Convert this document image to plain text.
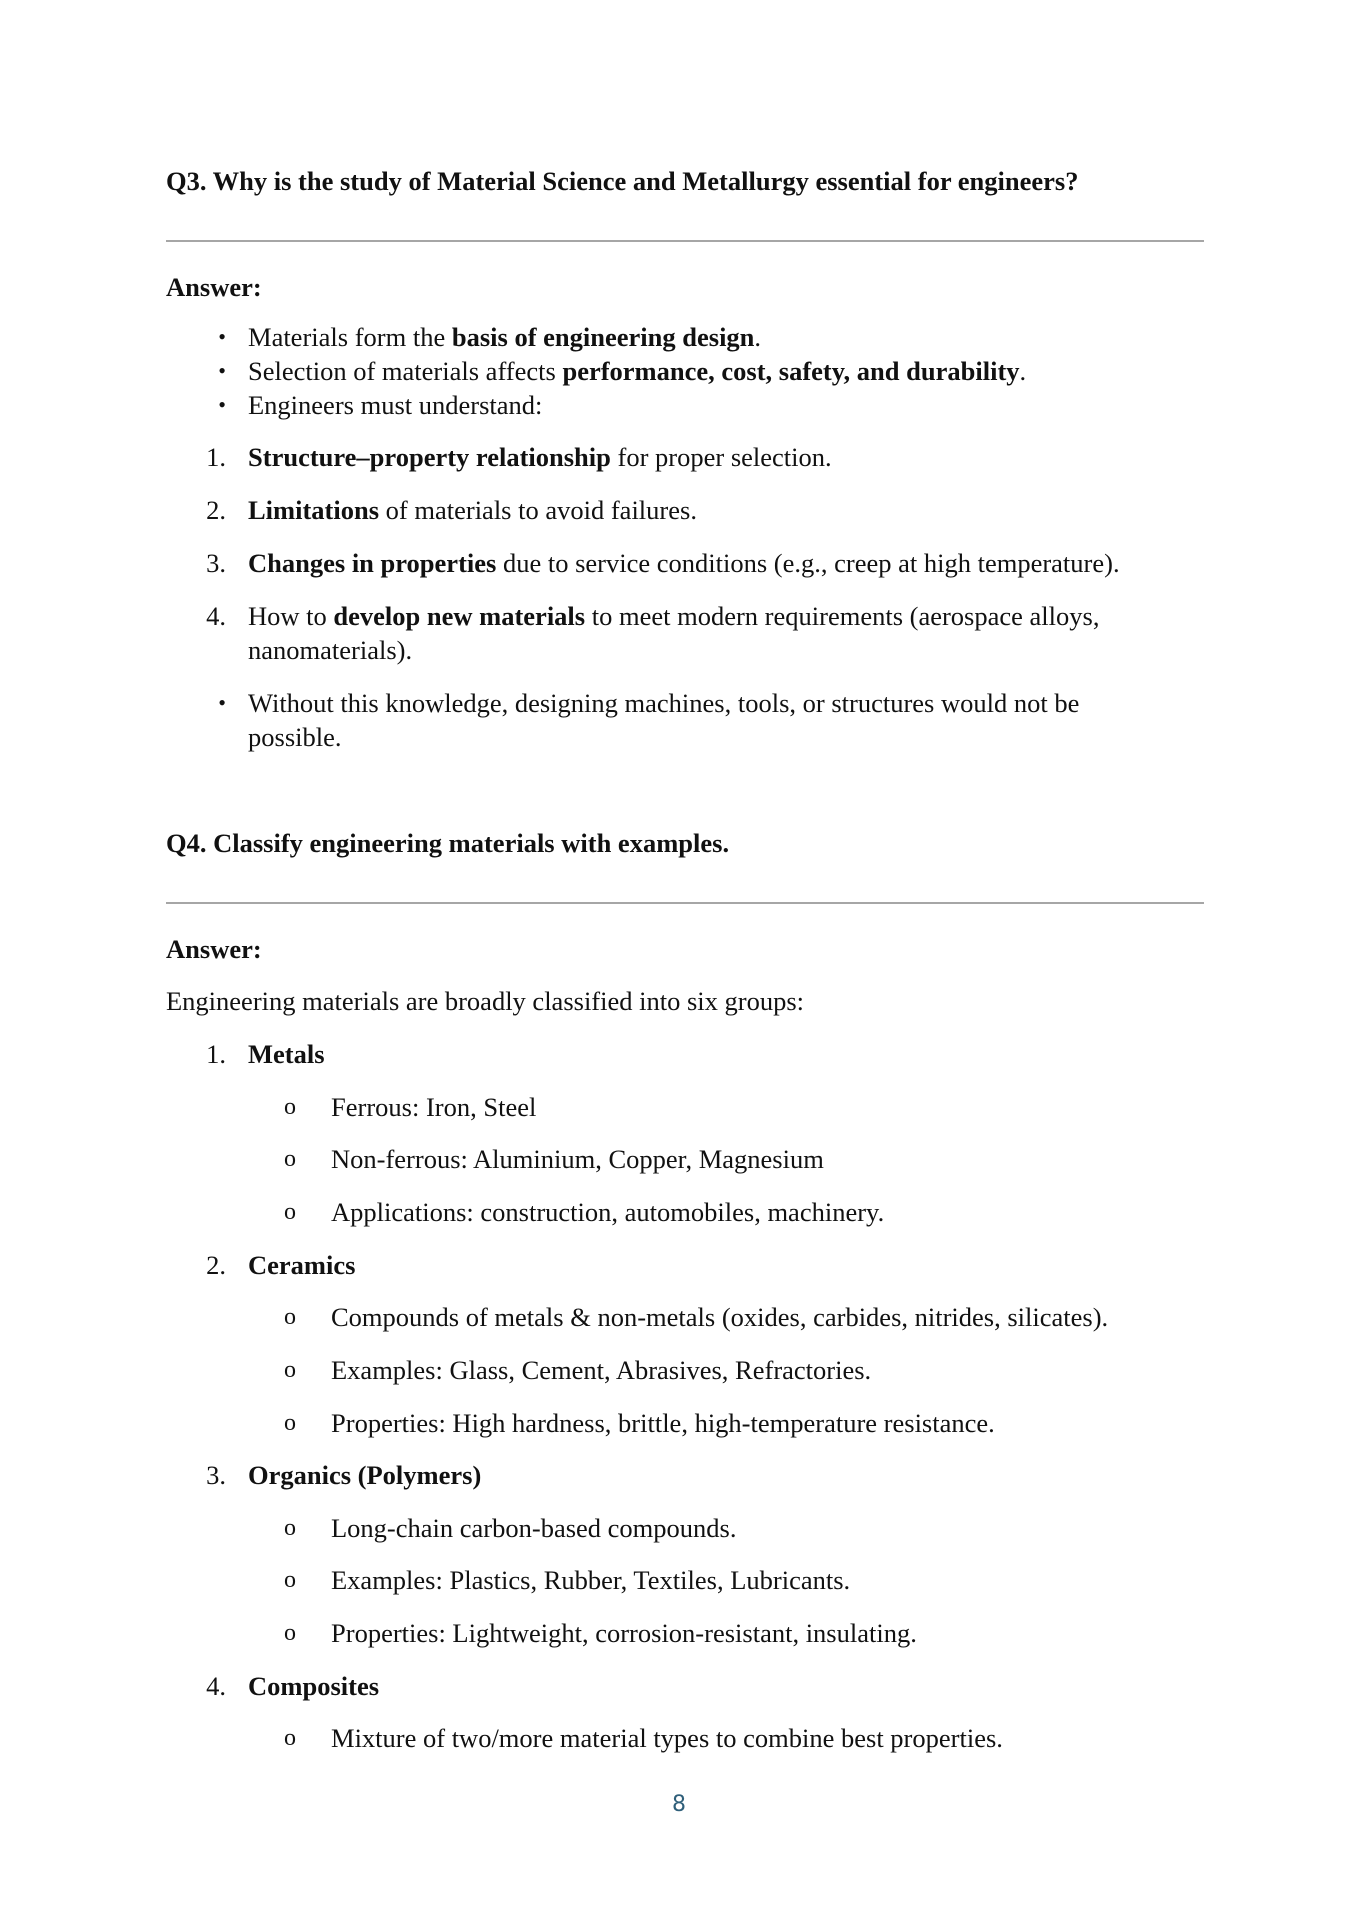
Q3. Why is the study of Material Science and Metallurgy essential for engineers?

Answer:

• Materials form the basis of engineering design.
• Selection of materials affects performance, cost, safety, and durability.
• Engineers must understand:
1. Structure–property relationship for proper selection.
2. Limitations of materials to avoid failures.
3. Changes in properties due to service conditions (e.g., creep at high temperature).
4. How to develop new materials to meet modern requirements (aerospace alloys, nanomaterials).
• Without this knowledge, designing machines, tools, or structures would not be possible.

Q4. Classify engineering materials with examples.

Answer:

Engineering materials are broadly classified into six groups:

1. Metals
o	Ferrous: Iron, Steel
o	Non-ferrous: Aluminium, Copper, Magnesium
o	Applications: construction, automobiles, machinery.
2. Ceramics
o	Compounds of metals & non-metals (oxides, carbides, nitrides, silicates).
o	Examples: Glass, Cement, Abrasives, Refractories.
o	Properties: High hardness, brittle, high-temperature resistance.
3. Organics (Polymers)
o	Long-chain carbon-based compounds.
o	Examples: Plastics, Rubber, Textiles, Lubricants.
o	Properties: Lightweight, corrosion-resistant, insulating.
4. Composites
o	Mixture of two/more material types to combine best properties.
8
